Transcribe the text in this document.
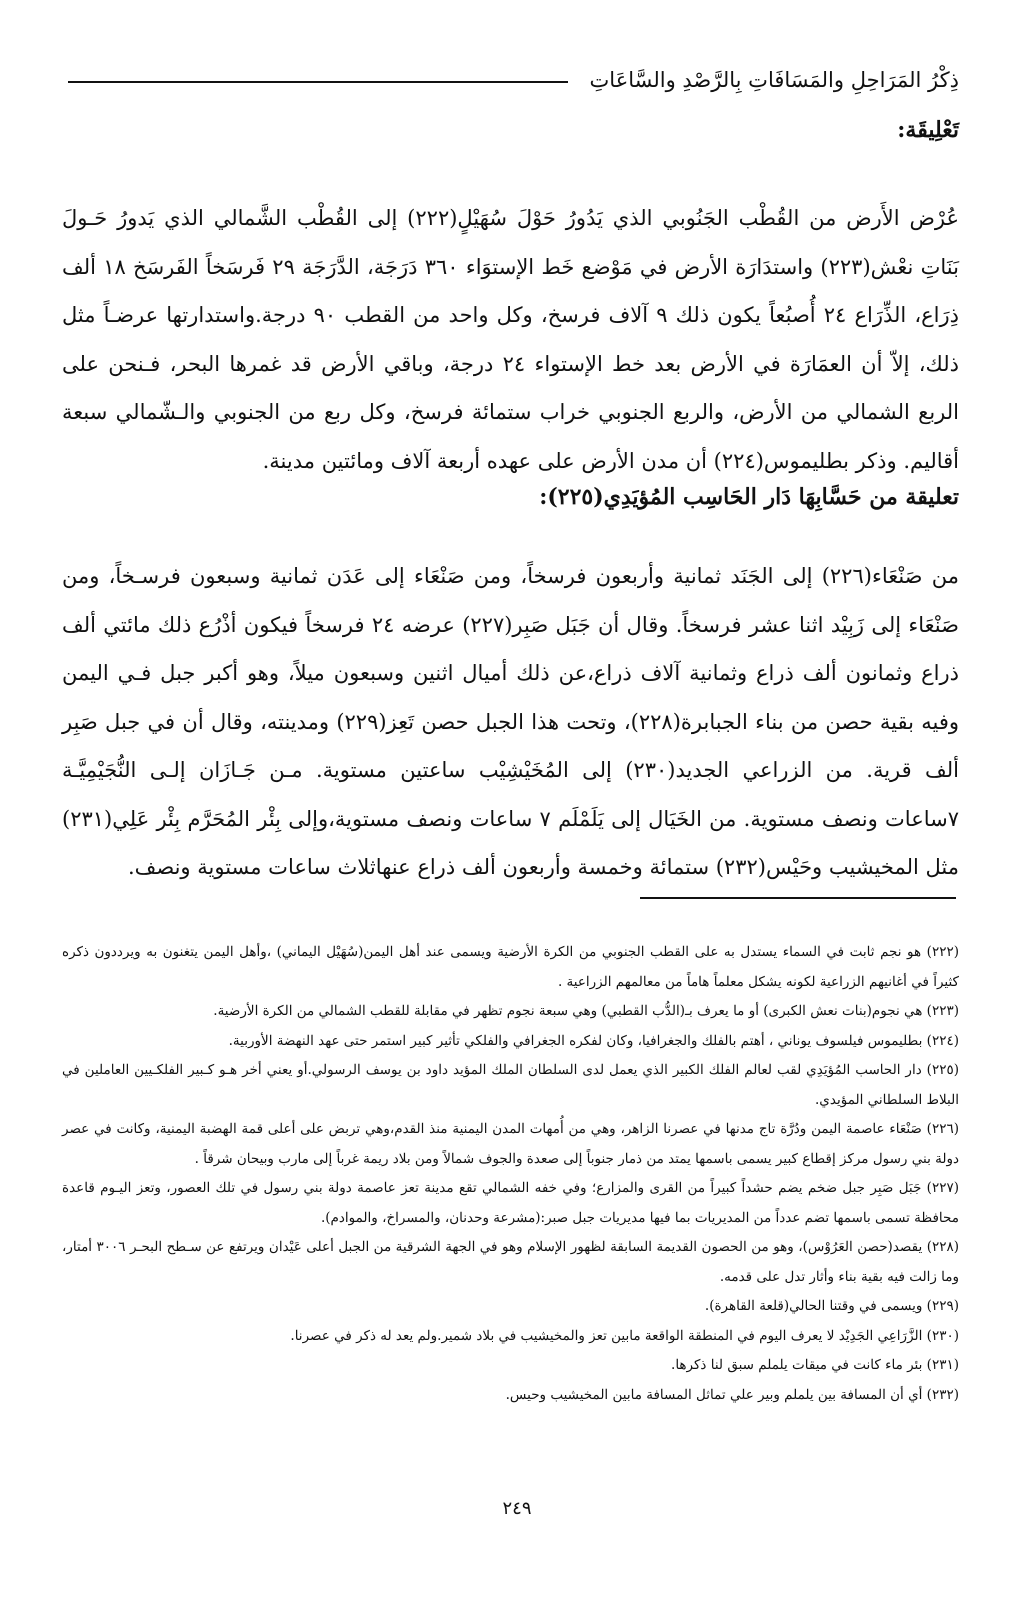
ذِكْرُ المَرَاحِلِ والمَسَافَاتِ بِالرَّصْدِ والسَّاعَاتِ
تَعْلِيقَة:

عُرْض الأَرض من القُطْب الجَنُوبي الذي يَدُورُ حَوْلَ سُهَيْلٍ(٢٢٢) إلى القُطْب الشَّمالي الذي يَدورُ حَـولَ بَنَاتِ نعْش(٢٢٣) واستدَارَة الأرض في مَوْضع خَط الإستوَاء ٣٦٠ دَرَجَة، الدَّرَجَة ٢٩ فَرسَخاً الفَرسَخ ١٨ ألف ذِرَاع، الذِّرَاع ٢٤ أُصبُعاً يكون ذلك ٩ آلاف فرسخ، وكل واحد من القطب ٩٠ درجة.واستدارتها عرضـاً مثل ذلك، إلاّ أن العمَارَة في الأرض بعد خط الإستواء ٢٤ درجة، وباقي الأرض قد غمرها البحر، فـنحن على الربع الشمالي من الأرض، والربع الجنوبي خراب ستمائة فرسخ، وكل ربع من الجنوبي والـشّمالي سبعة أقاليم. وذكر بطليموس(٢٢٤) أن مدن الأرض على عهده أربعة آلاف ومائتين مدينة.

تعليقة من حَسَّابِهَا دَار الحَاسِب المُؤيَدِي(٢٢٥):

من صَنْعَاء(٢٢٦) إلى الجَنَد ثمانية وأربعون فرسخاً، ومن صَنْعَاء إلى عَدَن ثمانية وسبعون فرسـخاً، ومن صَنْعَاء إلى زَبِيْد اثنا عشر فرسخاً. وقال أن جَبَل صَبِر(٢٢٧) عرضه ٢٤ فرسخاً فيكون أذْرُع ذلك مائتي ألف ذراع وثمانون ألف ذراع وثمانية آلاف ذراع،عن ذلك أميال اثنين وسبعون ميلاً، وهو أكبر جبل فـي اليمن وفيه بقية حصن من بناء الجبابرة(٢٢٨)، وتحت هذا الجبل حصن تَعِز(٢٢٩) ومدينته، وقال أن في جبل صَبِر ألف قرية. من الزراعي الجديد(٢٣٠) إلى المُخَيْشِيْب ساعتين مستوية. مـن جَـازَان إلـى النُّجَيْمِيَّـة ٧ساعات ونصف مستوية. من الخَيَال إلى يَلَمْلَم ٧ ساعات ونصف مستوية،وإلى بِئْر المُحَرَّم بِئْر عَلِي(٢٣١) مثل المخيشيب وحَيْس(٢٣٢) ستمائة وخمسة وأربعون ألف ذراع عنهاثلاث ساعات مستوية ونصف.

(٢٢٢) هو نجم ثابت في السماء يستدل به على القطب الجنوبي من الكرة الأرضية ويسمى عند أهل اليمن(سُهَيْل اليماني) ،وأهل اليمن يتغنون به ويرددون ذكره كثيراً في أغانيهم الزراعية لكونه يشكل معلماً هاماً من معالمهم الزراعية .

(٢٢٣) هي نجوم(بنات نعش الكبرى) أو ما يعرف بـ(الدُّب القطبي) وهي سبعة نجوم تظهر في مقابلة للقطب الشمالي من الكرة الأرضية.

(٢٢٤) بطليموس فيلسوف يوناني ، أهتم بالفلك والجغرافيا، وكان لفكره الجغرافي والفلكي تأثير كبير استمر حتى عهد النهضة الأوربية.

(٢٢٥) دار الحاسب المُؤيَدِي لقب لعالم الفلك الكبير الذي يعمل لدى السلطان الملك المؤيد داود بن يوسف الرسولي.أو يعني أخر هـو كـبير الفلكـيين العاملين في البلاط السلطاني المؤيدي.

(٢٢٦) صَنْعَاء عاصمة اليمن ودُرَّة تاج مدنها في عصرنا الزاهر، وهي من أُمهات المدن اليمنية منذ القدم،وهي تربض على أعلى قمة الهضبة اليمنية، وكانت في عصر دولة بني رسول مركز إقطاع كبير يسمى باسمها يمتد من ذمار جنوباً إلى صعدة والجوف شمالاً ومن بلاد ريمة غرباً إلى مارب وبيحان شرقاً .

(٢٢٧) جَبَل صَبِر جبل ضخم يضم حشداً كبيراً من القرى والمزارع؛ وفي خفه الشمالي تقع مدينة تعز عاصمة دولة بني رسول في تلك العصور، وتعز اليـوم قاعدة محافظة تسمى باسمها تضم عدداً من المديريات بما فيها مديريات جبل صبر:(مشرعة وحدنان، والمسراخ، والموادم).

(٢٢٨) يقصد(حصن العَرُوْس)، وهو من الحصون القديمة السابقة لظهور الإسلام وهو في الجهة الشرقية من الجبل أعلى عَيْدان ويرتفع عن سـطح البحـر ٣٠٠٦ أمتار، وما زالت فيه بقية بناء وأثار تدل على قدمه.

(٢٢٩) ويسمى في وقتنا الحالي(قلعة القاهرة).

(٢٣٠) الزَّرَاعِي الجَدِيْد لا يعرف اليوم في المنطقة الواقعة مابين تعز والمخيشيب في بلاد شمير.ولم يعد له ذكر في عصرنا.

(٢٣١) بئر ماء كانت في ميقات يلملم سبق لنا ذكرها.

(٢٣٢) أي أن المسافة بين يلملم وبير علي تماثل المسافة مابين المخيشيب وحيس.

٢٤٩
